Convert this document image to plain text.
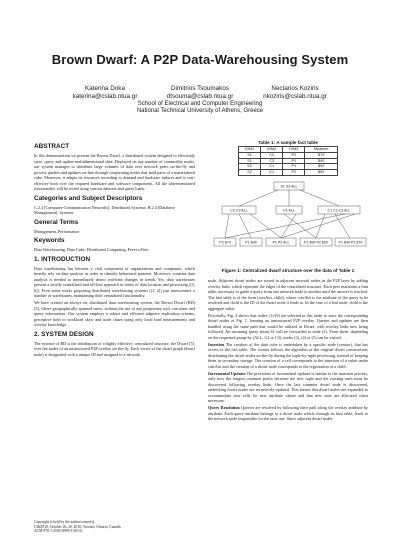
Brown Dwarf: A P2P Data-Warehousing System
Katerina Doka
katerina@cslab.ntua.gr
Dimitrios Tsoumakos
dtsouma@cslab.ntua.gr
Nectarios Koziris
nkoziris@cslab.ntua.gr
School of Electrical and Computer Engineering
National Technical University of Athens, Greece
ABSTRACT

In this demonstration we present the Brown Dwarf, a distributed system designed to efficiently store, query and update multidimensional data. Deployed on any number of commodity nodes, our system manages to distribute large volumes of data over network peers on-the-fly and process queries and updates on-line through cooperating nodes that hold parts of a materialized cube. Moreover, it adapts its resources according to demand and hardware failures and is cost-effective both over the required hardware and software components. All the aforementioned functionality will be tested using various datasets and query loads.

Categories and Subject Descriptors

C.2.4 [Computer-Communication Networks]: Distributed Systems; H.2.4 [Database Management]: Systems

General Terms

Management, Performance

Keywords

Data Warehousing, Data Cube, Distributed Computing, Peer-to-Peer

1. INTRODUCTION

Data warehousing has become a vital component of organizations and companies, which heavily rely on data analysis in order to identify behavioral patterns. Moreover, constant data analysis is needed to immediately detect real-time changes in trends. Yet, data warehouses present a strictly centralized and off-line approach in terms of data location and processing ([5, 6]). Even some works proposing distributed warehousing systems ([1, 2]) just interconnect a number of warehouses, maintaining their centralized functionality.

We have created an always-on, distributed data warehousing system, the Brown Dwarf (BD) [3], where geographically spanned users, without the use of any proprietary tool, can share and query information. Our system employs a robust and efficient adaptive replication scheme, perceptive both to workload skew and node churn using only local load measurements and overlay knowledge.

2. SYSTEM DESIGN

The essence of BD is the distribution of a highly effective, centralized structure, the Dwarf [5], over the nodes of an unstructured P2P overlay on-the-fly. Each vertex of the dwarf graph (dwarf node) is designated with a unique ID and assigned to a network

Copyright is held by the author/owner(s).
CIKM'10, October 26–30, 2010, Toronto, Ontario, Canada.
ACM 978-1-4503-0099-5/10/10.
Table 1: A sample fact table
DIM1	DIM2	DIM3	Measure
S1	C2	P2	$70
S1	C3	P1	$40
S2	C1	P1	$90
S2	C1	P2	$50
S1 S2 ALL
C2 C3 ALL	C1 ALL	C1 C2 C3 ALL
P2 $70	P1 $40	P1 P2 ALL	P1 $90 P2 $50	P1 $40 P2 $70
Figure 1: Centralized dwarf structure over the data of Table 1

node. Adjacent dwarf nodes are stored in adjacent network nodes in the P2P layer by adding overlay links, which represent the edges of the centralized structure. Each peer maintains a hint table, necessary to guide a query from one network node to another until the answer is reached. The hint table is of the form (currAttr, child), where currAttr is the attribute of the query to be resolved and child is the ID of the dwarf node it leads to. In the case of a leaf node, child is the aggregate value.

Pictorially, Fig. 2 shows that nodes (1)-(9) are selected in this order to store the corresponding dwarf nodes of Fig. 1, forming an unstructured P2P overlay. Queries and updates are then handled using the same path that would be utilized in Dwarf, with overlay links now being followed. An incoming query about S1 will be forwarded to node (2). From there, depending on the requested group-by (ALL, C2 or C3), nodes (3), (4) or (5) can be visited.

Insertion The creation of the data cube is undertaken by a specific node (creator), that has access to the fact table. The creator follows the algorithm of the original dwarf construction, distributing the dwarf nodes on-the-fly during the tuple-by-tuple processing, instead of keeping them in secondary storage. The creation of a cell corresponds to the insertion of a value under currAttr and the creation of a dwarf node corresponds to the registration of a child.

Incremental Updates The procedure of incremental updates is similar to the insertion process, only now the longest common prefix between the new tuple and the existing ones must be discovered following overlay links. Once the last common dwarf node is discovered, underlying dwarf nodes are recursively updated. This means that dwarf nodes are expanded to accommodate new cells for new attribute values and that new ones are allocated when necessary.

Query Resolution Queries are resolved by following their path along the overlay attribute by attribute. Each query attribute belongs to a dwarf node which, through its hint table, leads to the network node responsible for the next one. Since adjacent dwarf nodes
